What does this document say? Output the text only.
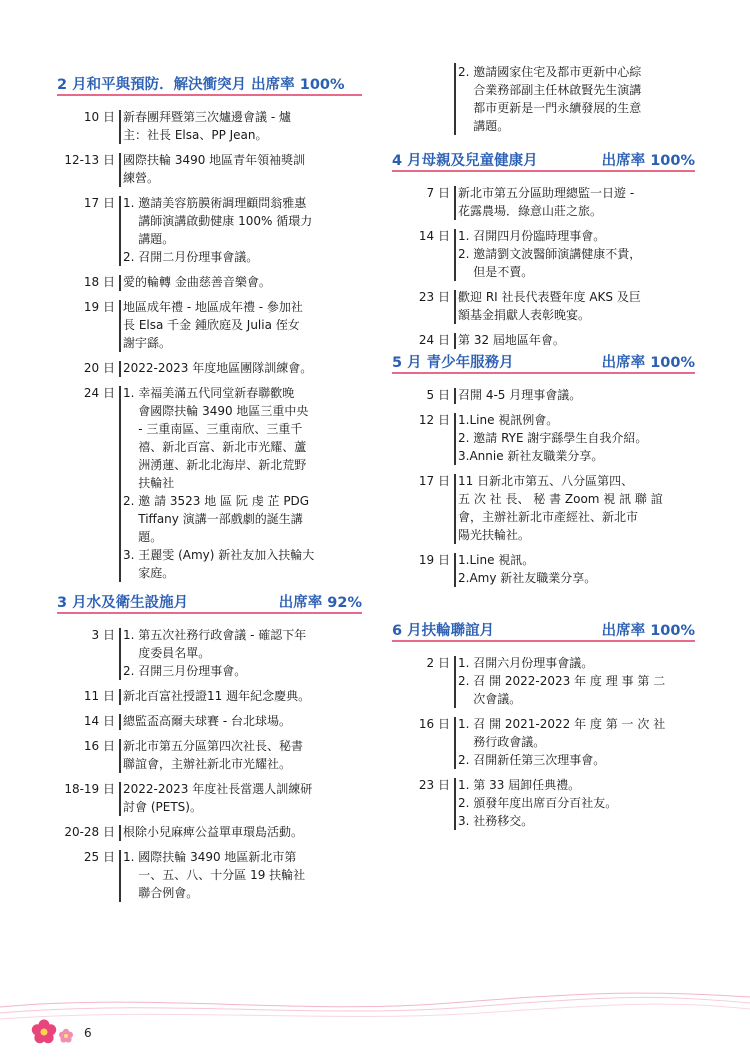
2 月和平與預防．解決衝突月 出席率 100%
10 日 新春團拜暨第三次爐邊會議 - 爐
主：社長 Elsa、PP Jean。
12-13 日 國際扶輪 3490 地區青年領袖獎訓
練營。
17 日 1. 邀請美容筋膜術調理顧問翁雅惠
講師演講啟動健康 100% 循環力
講題。
2. 召開二月份理事會議。
18 日 愛的輪轉 金曲慈善音樂會。
19 日 地區成年禮 - 地區成年禮 - 參加社
長 Elsa 千金 鍾欣庭及 Julia 侄女
謝宇繇。
20 日 2022-2023 年度地區團隊訓練會。
24 日 1. 幸福美滿五代同堂新春聯歡晚
會國際扶輪 3490 地區三重中央
- 三重南區、三重南欣、三重千
禧、新北百富、新北市光耀、蘆
洲湧蓮、新北北海岸、新北荒野
扶輪社
2. 邀 請 3523 地 區 阮 虔 芷 PDG
Tiffany 演講一部戲劇的誕生講
題。
3. 王麗雯 (Amy) 新社友加入扶輪大
家庭。
3 月水及衛生設施月	出席率 92%
3 日 1. 第五次社務行政會議 - 確認下年
度委員名單。
2. 召開三月份理事會。
11 日 新北百富社授證11 週年紀念慶典。
14 日 總監盃高爾夫球賽 - 台北球場。
16 日 新北市第五分區第四次社長、秘書
聯誼會，主辦社新北市光耀社。
18-19 日 2022-2023 年度社長當選人訓練研
討會 (PETS)。
20-28 日 根除小兒麻痺公益單車環島活動。
25 日 1. 國際扶輪 3490 地區新北市第
一、五、八、十分區 19 扶輪社
聯合例會。
2. 邀請國家住宅及都市更新中心綜
合業務部副主任林啟賢先生演講
都市更新是一門永續發展的生意
講題。
4 月母親及兒童健康月	出席率 100%
7 日 新北市第五分區助理總監一日遊 -
花露農場．綠意山莊之旅。
14 日 1. 召開四月份臨時理事會。
2. 邀請劉文波醫師演講健康不貴，
但是不賣。
23 日 歡迎 RI 社長代表暨年度 AKS 及巨
額基金捐獻人表彰晚宴。
24 日 第 32 屆地區年會。
5 月 青少年服務月	出席率 100%
5 日 召開 4-5 月理事會議。
12 日 1.Line 視訊例會。
2. 邀請 RYE 謝宇繇學生自我介紹。
3.Annie 新社友職業分享。
17 日 11 日新北市第五、八分區第四、
五 次 社 長、 秘 書 Zoom 視 訊 聯 誼
會，主辦社新北市產經社、新北市
陽光扶輪社。
19 日 1.Line 視訊。
2.Amy 新社友職業分享。
6 月扶輪聯誼月	出席率 100%
2 日 1. 召開六月份理事會議。
2. 召 開 2022-2023 年 度 理 事 第 二
次會議。
16 日 1. 召 開 2021-2022 年 度 第 一 次 社
務行政會議。
2. 召開新任第三次理事會。
23 日 1. 第 33 屆卸任典禮。
2. 頒發年度出席百分百社友。
3. 社務移交。
6
